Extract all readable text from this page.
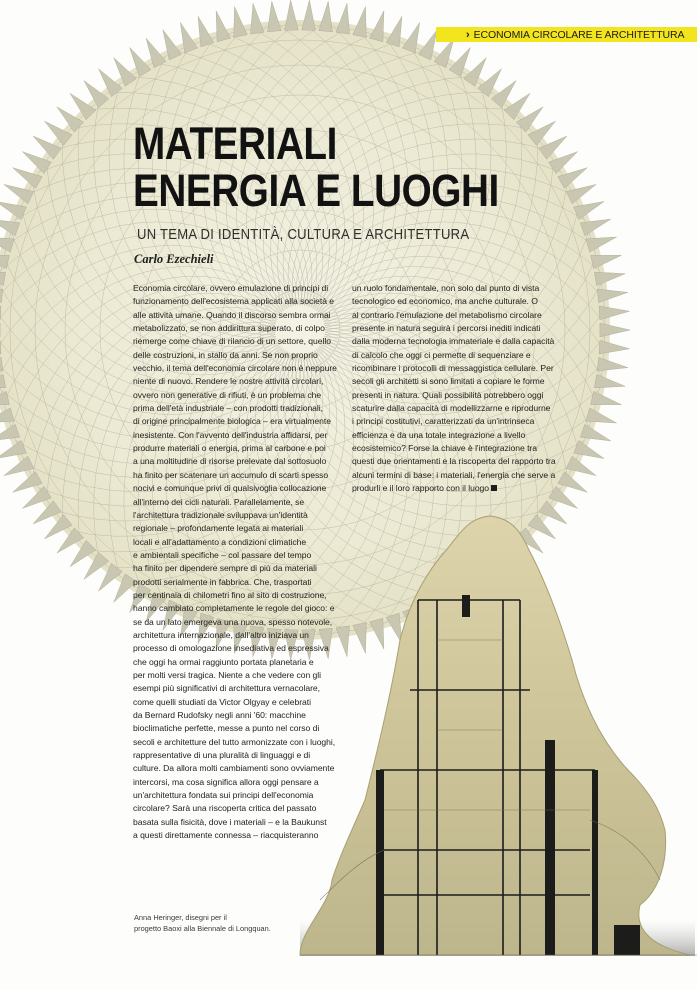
› ECONOMIA CIRCOLARE E ARCHITETTURA
MATERIALI
ENERGIA E LUOGHI
UN TEMA DI IDENTITÀ, CULTURA E ARCHITETTURA
Carlo Ezechieli
Economia circolare, ovvero emulazione di principi di
funzionamento dell'ecosistema applicati alla società e
alle attività umane. Quando il discorso sembra ormai
metabolizzato, se non addirittura superato, di colpo
riemerge come chiave di rilancio di un settore, quello
delle costruzioni, in stallo da anni. Se non proprio
vecchio, il tema dell'economia circolare non è neppure
niente di nuovo. Rendere le nostre attività circolari,
ovvero non generative di rifiuti, è un problema che
prima dell'età industriale – con prodotti tradizionali,
di origine principalmente biologica – era virtualmente
inesistente. Con l'avvento dell'industria affidarsi, per
produrre materiali o energia, prima al carbone e poi
a una moltitudine di risorse prelevate dal sottosuolo
ha finito per scatenare un accumulo di scarti spesso
nocivi e comunque privi di qualsivoglia collocazione
all'interno dei cicli naturali. Parallelamente, se
l'architettura tradizionale sviluppava un'identità
regionale – profondamente legata ai materiali
locali e all'adattamento a condizioni climatiche
e ambientali specifiche – col passare del tempo
ha finito per dipendere sempre di più da materiali
prodotti serialmente in fabbrica. Che, trasportati
per centinaia di chilometri fino al sito di costruzione,
hanno cambiato completamente le regole del gioco: e
se da un lato emergeva una nuova, spesso notevole,
architettura internazionale, dall'altro iniziava un
processo di omologazione insediativa ed espressiva
che oggi ha ormai raggiunto portata planetaria e
per molti versi tragica. Niente a che vedere con gli
esempi più significativi di architettura vernacolare,
come quelli studiati da Victor Olgyay e celebrati
da Bernard Rudofsky negli anni '60: macchine
bioclimatiche perfette, messe a punto nel corso di
secoli e architetture del tutto armonizzate con i luoghi,
rappresentative di una pluralità di linguaggi e di
culture. Da allora molti cambiamenti sono ovviamente
intercorsi, ma cosa significa allora oggi pensare a
un'architettura fondata sui principi dell'economia
circolare? Sarà una riscoperta critica del passato
basata sulla fisicità, dove i materiali – e la Baukunst
a questi direttamente connessa – riacquisteranno
un ruolo fondamentale, non solo dal punto di vista
tecnologico ed economico, ma anche culturale. O
al contrario l'emulazione del metabolismo circolare
presente in natura seguirà i percorsi inediti indicati
dalla moderna tecnologia immateriale e dalla capacità
di calcolo che oggi ci permette di sequenziare e
ricombinare i protocolli di messaggistica cellulare. Per
secoli gli architetti si sono limitati a copiare le forme
presenti in natura. Quali possibilità potrebbero oggi
scaturire dalla capacità di modellizzarne e riprodurne
i principi costitutivi, caratterizzati da un'intrinseca
efficienza e da una totale integrazione a livello
ecosistemico? Forse la chiave è l'integrazione tra
questi due orientamenti e la riscoperta del rapporto tra
alcuni termini di base: i materiali, l'energia che serve a
produrli e il loro rapporto con il luogo
Anna Heringer, disegni per il
progetto Baoxi alla Biennale di Longquan.
